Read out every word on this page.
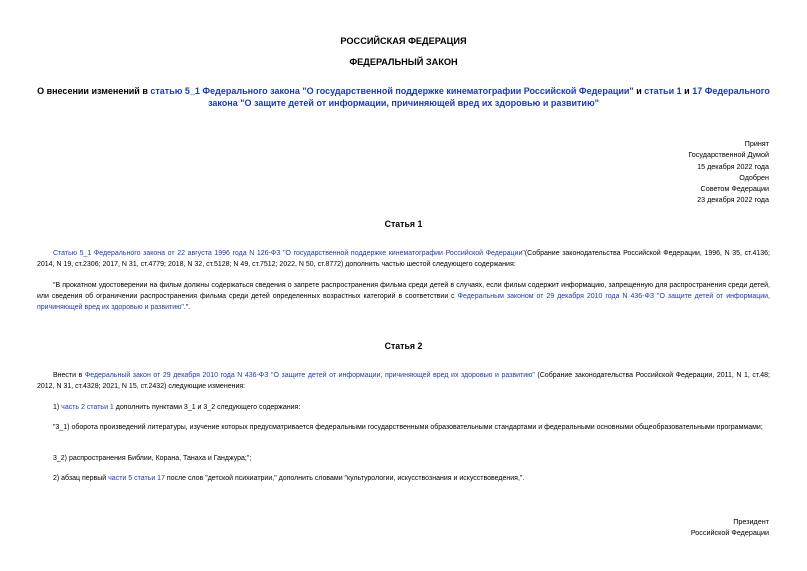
РОССИЙСКАЯ ФЕДЕРАЦИЯ
ФЕДЕРАЛЬНЫЙ ЗАКОН
О внесении изменений в статью 5_1 Федерального закона "О государственной поддержке кинематографии Российской Федерации" и статьи 1 и 17 Федерального закона "О защите детей от информации, причиняющей вред их здоровью и развитию"
Принят
Государственной Думой
15 декабря 2022 года
Одобрен
Советом Федерации
23 декабря 2022 года
Статья 1
Статью 5_1 Федерального закона от 22 августа 1996 года N 126-ФЗ "О государственной поддержке кинематографии Российской Федерации"(Собрание законодательства Российской Федерации, 1996, N 35, ст.4136; 2014, N 19, ст.2306; 2017, N 31, ст.4779; 2018, N 32, ст.5128; N 49, ст.7512; 2022, N 50, ст.8772) дополнить частью шестой следующего содержания:
"В прокатном удостоверении на фильм должны содержаться сведения о запрете распространения фильма среди детей в случаях, если фильм содержит информацию, запрещенную для распространения среди детей, или сведения об ограничении распространения фильма среди детей определенных возрастных категорий в соответствии с Федеральным законом от 29 декабря 2010 года N 436-ФЗ "О защите детей от информации, причиняющей вред их здоровью и развитию".".
Статья 2
Внести в Федеральный закон от 29 декабря 2010 года N 436-ФЗ "О защите детей от информации, причиняющей вред их здоровью и развитию" (Собрание законодательства Российской Федерации, 2011, N 1, ст.48; 2012, N 31, ст.4328; 2021, N 15, ст.2432) следующие изменения:
1) часть 2 статьи 1 дополнить пунктами 3_1 и 3_2 следующего содержания:
"3_1) оборота произведений литературы, изучение которых предусматривается федеральными государственными образовательными стандартами и федеральными основными общеобразовательными программами;
3_2) распространения Библии, Корана, Танаха и Ганджура;";
2) абзац первый части 5 статьи 17 после слов "детской психиатрии," дополнить словами "культурологии, искусствознания и искусствоведения,".
Президент
Российской Федерации
